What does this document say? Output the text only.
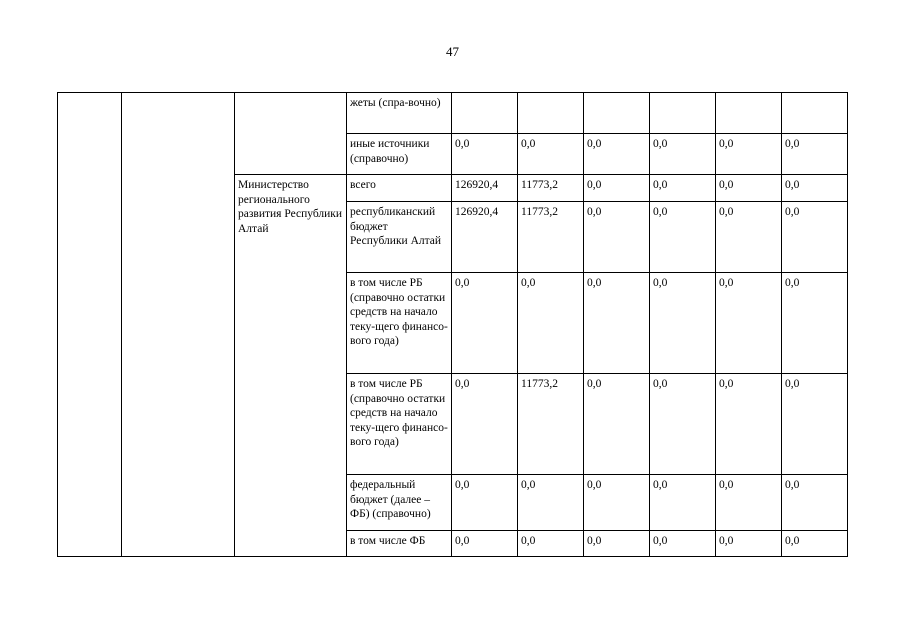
47
			жеты (спра-вочно)						
			иные источники (справочно)	0,0	0,0	0,0	0,0	0,0	0,0
		Министерство регионального развития Республики Алтай	всего	126920,4	11773,2	0,0	0,0	0,0	0,0
			республиканский бюджет Республики Алтай	126920,4	11773,2	0,0	0,0	0,0	0,0
			в том числе РБ (справочно остатки средств на начало теку-щего финансо-вого года)	0,0	0,0	0,0	0,0	0,0	0,0
			в том числе РБ (справочно остатки средств на начало теку-щего финансо-вого года)	0,0	11773,2	0,0	0,0	0,0	0,0
			федеральный бюджет (далее – ФБ) (справочно)	0,0	0,0	0,0	0,0	0,0	0,0
			в том числе ФБ	0,0	0,0	0,0	0,0	0,0	0,0
